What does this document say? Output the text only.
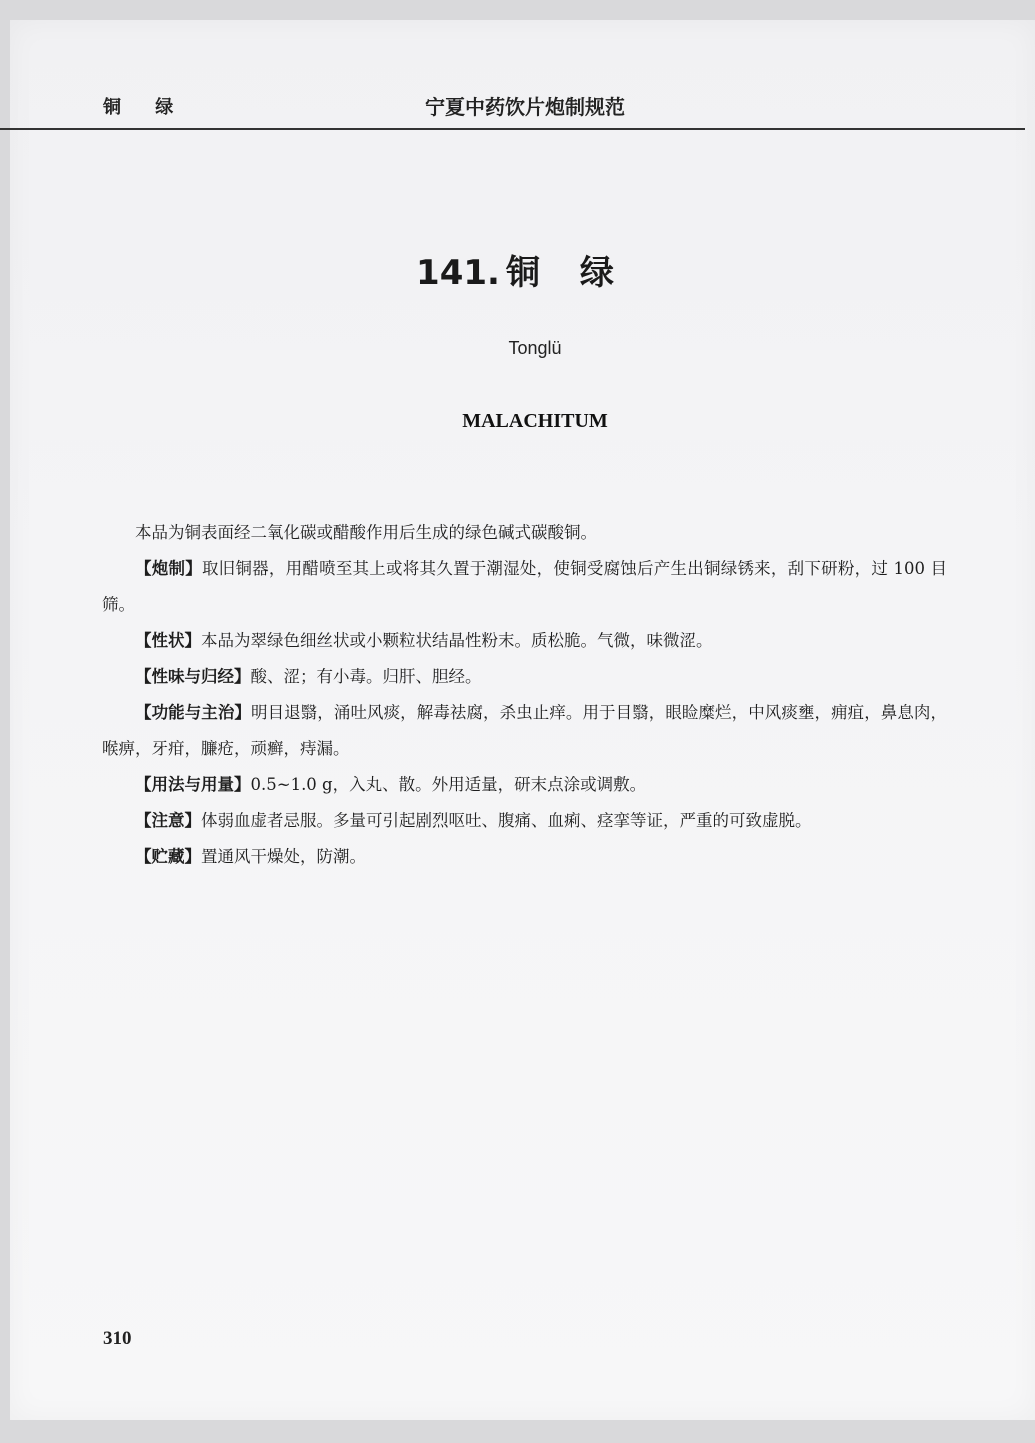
铜 绿	宁夏中药饮片炮制规范
141. 铜绿
Tonglü
MALACHITUM

本品为铜表面经二氧化碳或醋酸作用后生成的绿色碱式碳酸铜。

【炮制】取旧铜器，用醋喷至其上或将其久置于潮湿处，使铜受腐蚀后产生出铜绿锈来，刮下研粉，过 100 目筛。

【性状】本品为翠绿色细丝状或小颗粒状结晶性粉末。质松脆。气微，味微涩。

【性味与归经】酸、涩；有小毒。归肝、胆经。

【功能与主治】明目退翳，涌吐风痰，解毒祛腐，杀虫止痒。用于目翳，眼睑糜烂，中风痰壅，痈疽，鼻息肉，喉痹，牙疳，臁疮，顽癣，痔漏。

【用法与用量】0.5~1.0 g，入丸、散。外用适量，研末点涂或调敷。

【注意】体弱血虚者忌服。多量可引起剧烈呕吐、腹痛、血痢、痉挛等证，严重的可致虚脱。

【贮藏】置通风干燥处，防潮。

310
